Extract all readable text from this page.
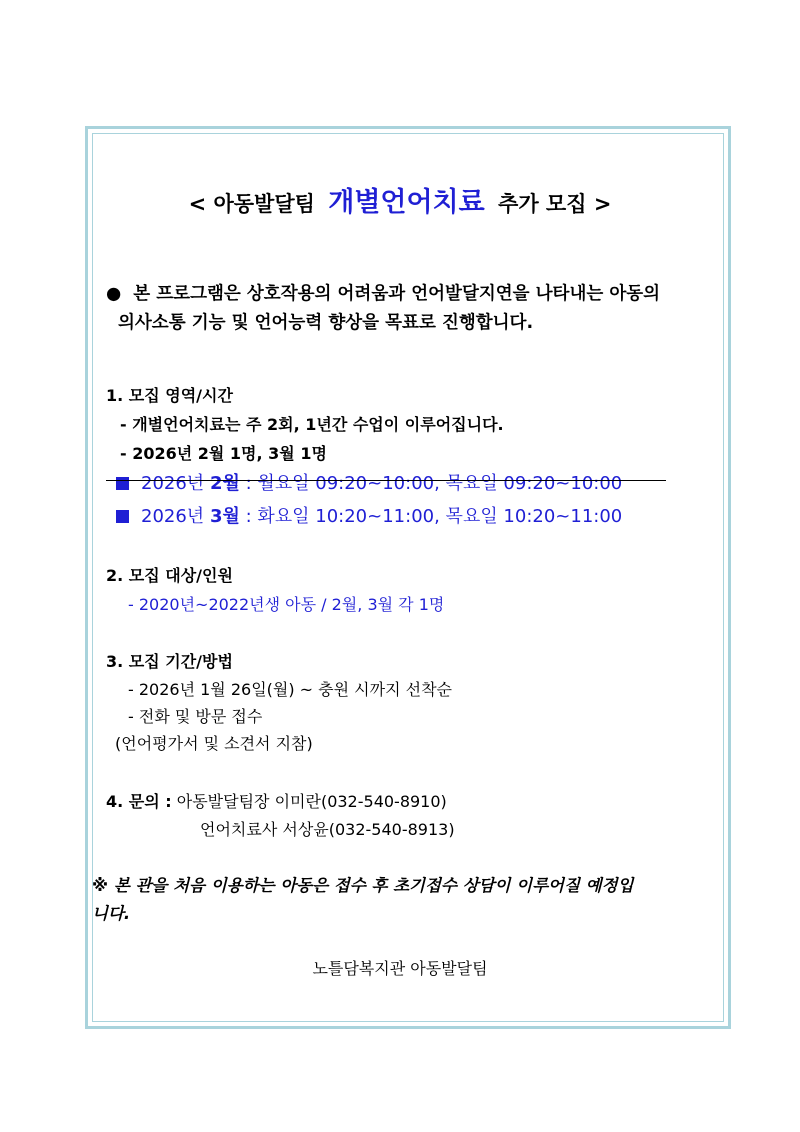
< 아동발달팀 개별언어치료 추가 모집 >
● 본 프로그램은 상호작용의 어려움과 언어발달지연을 나타내는 아동의
의사소통 기능 및 언어능력 향상을 목표로 진행합니다.
1. 모집 영역/시간
- 개별언어치료는 주 2회, 1년간 수업이 이루어집니다.
- 2026년 2월 1명, 3월 1명
2026년 2월 : 월요일 09:20~10:00, 목요일 09:20~10:00
2026년 3월 : 화요일 10:20~11:00, 목요일 10:20~11:00
2. 모집 대상/인원
- 2020년~2022년생 아동 / 2월, 3월 각 1명
3. 모집 기간/방법
- 2026년 1월 26일(월) ~ 충원 시까지 선착순
- 전화 및 방문 접수
(언어평가서 및 소견서 지참)
4. 문의 : 아동발달팀장 이미란(032-540-8910)
언어치료사 서상윤(032-540-8913)
※ 본 관을 처음 이용하는 아동은 접수 후 초기접수 상담이 이루어질 예정입
니다.
노틀담복지관 아동발달팀
